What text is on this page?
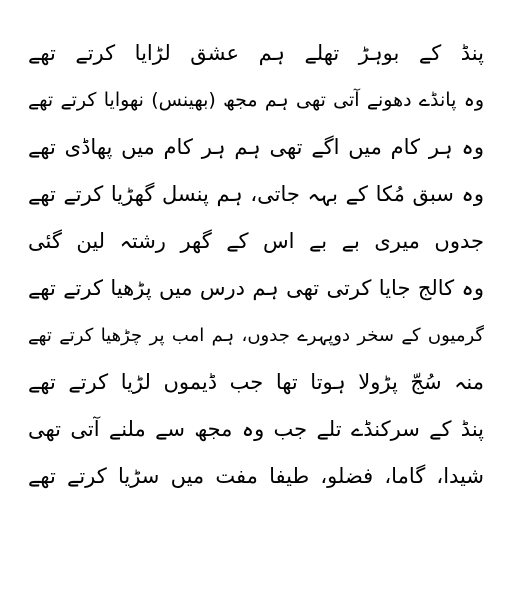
پنڈ کے بوہڑ تھلے ہم عشق لڑایا کرتے تھے
وہ پانڈے دھونے آتی تھی ہم مجھ (بھینس) نھوایا کرتے تھے
وہ ہر کام میں اگے تھی ہم ہر کام میں پھاڈی تھے
وہ سبق مُکا کے بہہ جاتی، ہم پنسل گھڑیا کرتے تھے
جدوں میری بے بے اس کے گھر رشتہ لین گئی
وہ کالج جایا کرتی تھی ہم درس میں پڑھیا کرتے تھے
گرمیوں کے سخر دوپہرے جدوں، ہم امب پر چڑھیا کرتے تھے
منہ سُجّ پڑولا ہوتا تھا جب ڈیموں لڑیا کرتے تھے
پنڈ کے سرکنڈے تلے جب وہ مجھ سے ملنے آتی تھی
شیدا، گاما، فضلو، طیفا مفت میں سڑیا کرتے تھے
